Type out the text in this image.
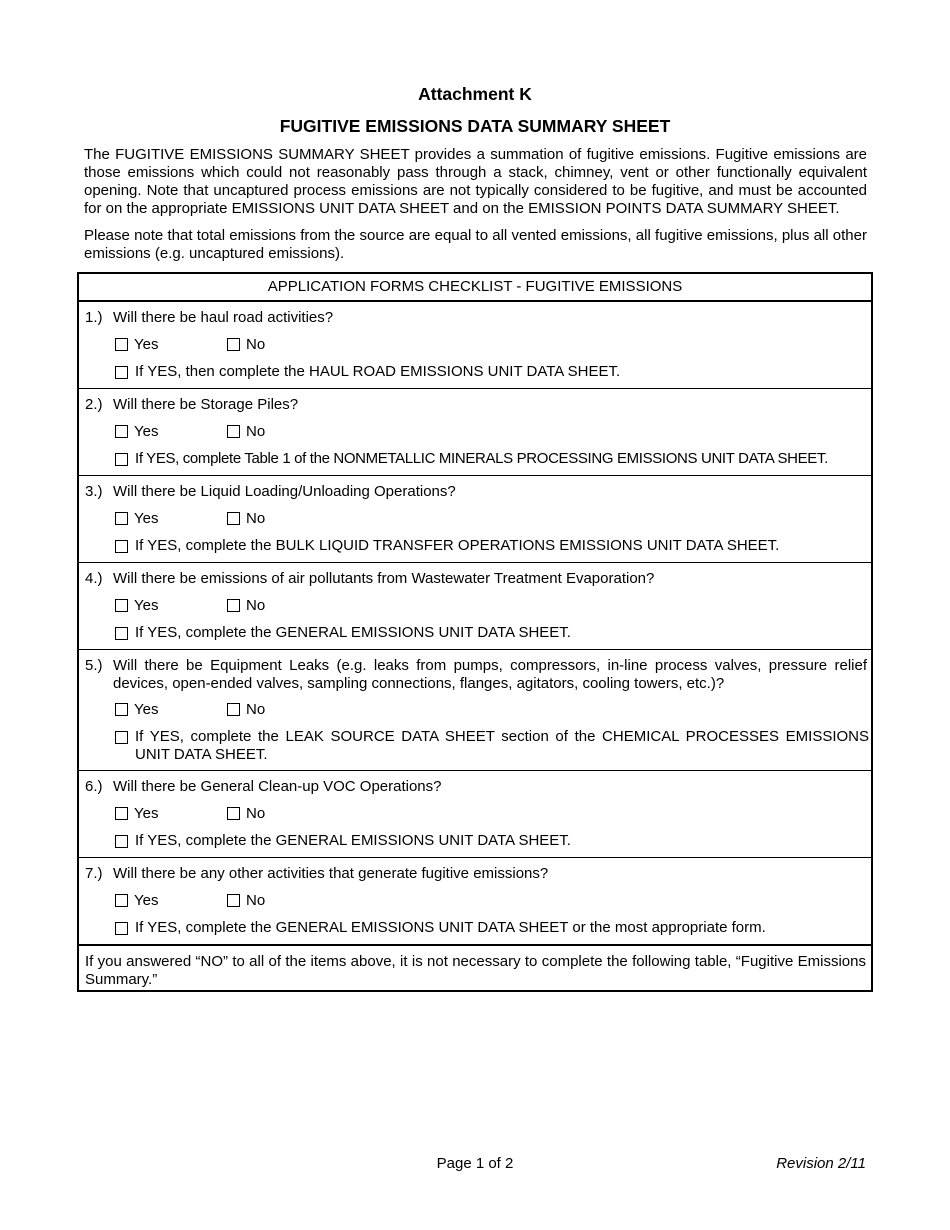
Attachment K
FUGITIVE EMISSIONS DATA SUMMARY SHEET

The FUGITIVE EMISSIONS SUMMARY SHEET provides a summation of fugitive emissions. Fugitive emissions are those emissions which could not reasonably pass through a stack, chimney, vent or other functionally equivalent opening. Note that uncaptured process emissions are not typically considered to be fugitive, and must be accounted for on the appropriate EMISSIONS UNIT DATA SHEET and on the EMISSION POINTS DATA SUMMARY SHEET.

Please note that total emissions from the source are equal to all vented emissions, all fugitive emissions, plus all other emissions (e.g. uncaptured emissions).

APPLICATION FORMS CHECKLIST - FUGITIVE EMISSIONS
1.) Will there be haul road activities?
Yes	No
If YES, then complete the HAUL ROAD EMISSIONS UNIT DATA SHEET.
2.) Will there be Storage Piles?
Yes	No
If YES, complete Table 1 of the NONMETALLIC MINERALS PROCESSING EMISSIONS UNIT DATA SHEET.
3.) Will there be Liquid Loading/Unloading Operations?
Yes	No
If YES, complete the BULK LIQUID TRANSFER OPERATIONS EMISSIONS UNIT DATA SHEET.
4.) Will there be emissions of air pollutants from Wastewater Treatment Evaporation?
Yes	No
If YES, complete the GENERAL EMISSIONS UNIT DATA SHEET.
5.) Will there be Equipment Leaks (e.g. leaks from pumps, compressors, in-line process valves, pressure relief devices, open-ended valves, sampling connections, flanges, agitators, cooling towers, etc.)?
Yes	No
If YES, complete the LEAK SOURCE DATA SHEET section of the CHEMICAL PROCESSES EMISSIONS UNIT DATA SHEET.
6.) Will there be General Clean-up VOC Operations?
Yes	No
If YES, complete the GENERAL EMISSIONS UNIT DATA SHEET.
7.) Will there be any other activities that generate fugitive emissions?
Yes	No
If YES, complete the GENERAL EMISSIONS UNIT DATA SHEET or the most appropriate form.
If you answered “NO” to all of the items above, it is not necessary to complete the following table, “Fugitive Emissions Summary.”
Page 1 of 2	Revision 2/11
